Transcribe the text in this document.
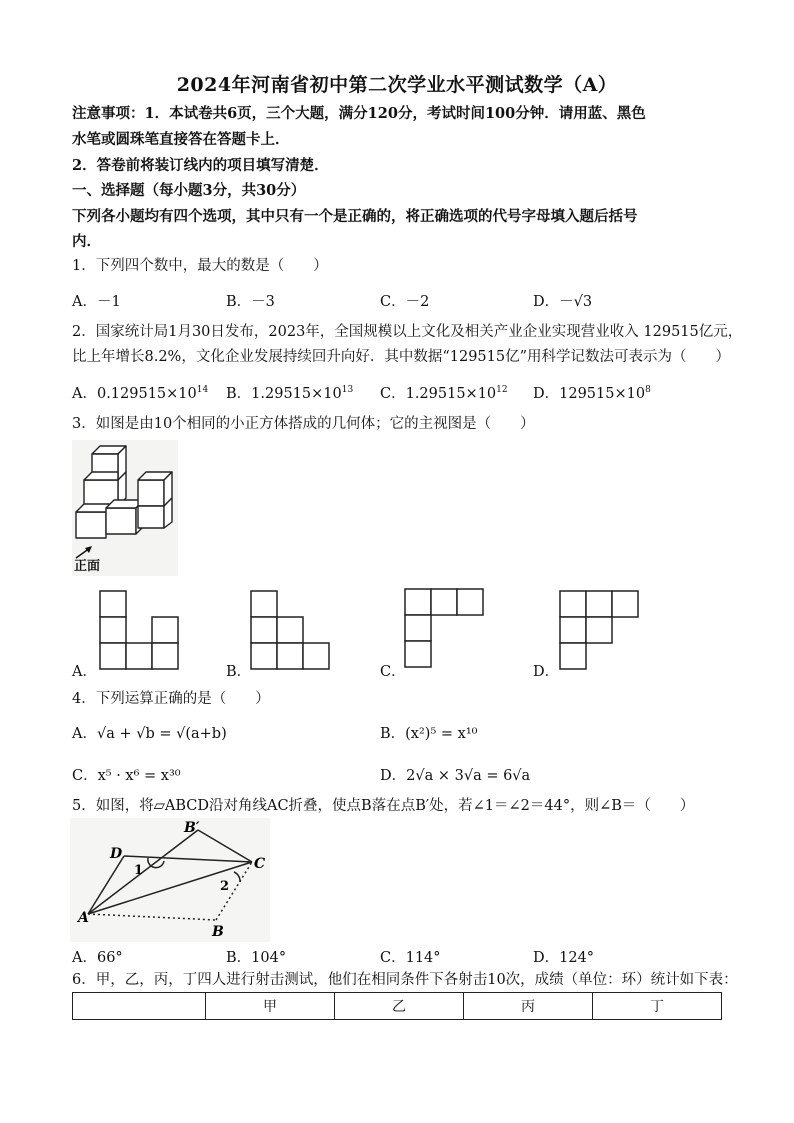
2024年河南省初中第二次学业水平测试数学（A）
注意事项：1．本试卷共6页，三个大题，满分120分，考试时间100分钟．请用蓝、黑色
水笔或圆珠笔直接答在答题卡上．
2．答卷前将装订线内的项目填写清楚．
一、选择题（每小题3分，共30分）
下列各小题均有四个选项，其中只有一个是正确的，将正确选项的代号字母填入题后括号
内．
1．下列四个数中，最大的数是（　　）
A．－1	B．－3	C．－2	D．－√3
2．国家统计局1月30日发布，2023年，全国规模以上文化及相关产业企业实现营业收入 129515亿元，
比上年增长8.2%，文化企业发展持续回升向好．其中数据“129515亿”用科学记数法可表示为（　　）
A．$0.129515\times 10^{14}$ B．$1.29515\times 10^{13}$ C．$1.29515\times 10^{12}$ D．$129515\times 10^8$
3．如图是由10个相同的小正方体搭成的几何体；它的主视图是（　　）
正面
A．	B．	C．	D．
4．下列运算正确的是（　　）
A．√a + √b = √(a+b)	B．(x²)⁵ = x¹⁰
C．x⁵ · x⁶ = x³⁰	D．2√a × 3√a = 6√a
5．如图，将▱ABCD沿对角线AC折叠，使点B落在点B′处，若∠1＝∠2＝44°，则∠B＝（　　）
A
B
C
D
B′
1
2
A．66°	B．104°	C．114°	D．124°
6．甲，乙，丙，丁四人进行射击测试，他们在相同条件下各射击10次，成绩（单位：环）统计如下表：
	甲	乙	丙	丁
